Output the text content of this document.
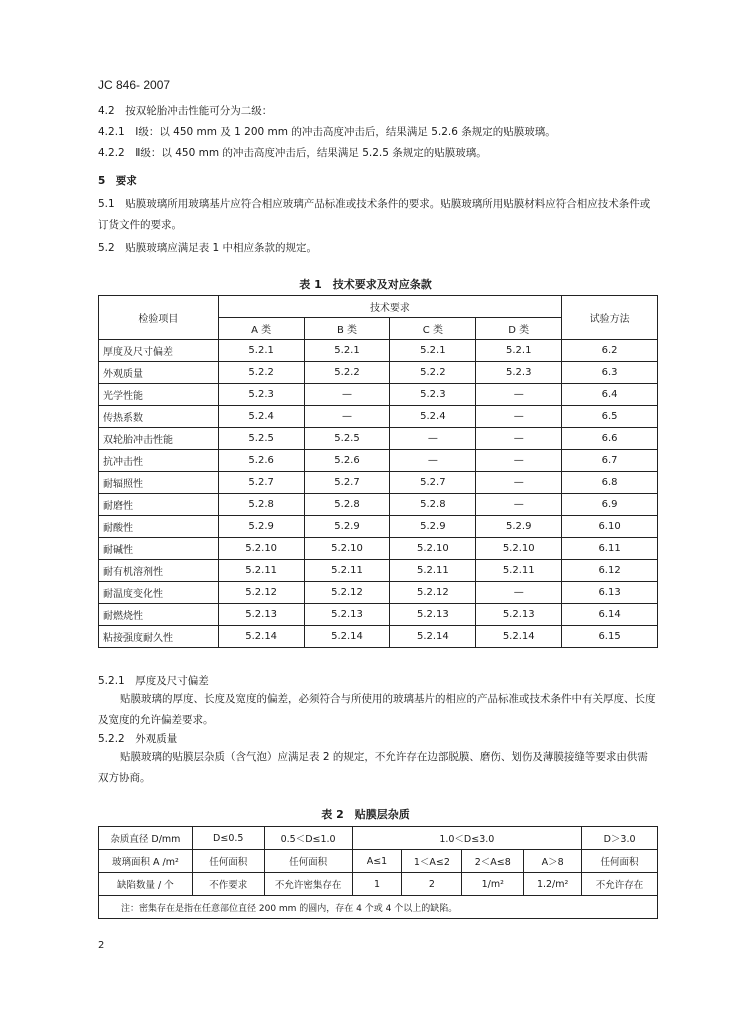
JC 846- 2007
4.2　按双轮胎冲击性能可分为二级：
4.2.1　Ⅰ级：以 450 mm 及 1 200 mm 的冲击高度冲击后，结果满足 5.2.6 条规定的贴膜玻璃。
4.2.2　Ⅱ级：以 450 mm 的冲击高度冲击后，结果满足 5.2.5 条规定的贴膜玻璃。
5　要求
5.1　贴膜玻璃所用玻璃基片应符合相应玻璃产品标准或技术条件的要求。贴膜玻璃所用贴膜材料应符合相应技术条件或订货文件的要求。
5.2　贴膜玻璃应满足表 1 中相应条款的规定。
表 1　技术要求及对应条款
检验项目	技术要求				试验方法
	A 类	B 类	C 类	D 类	
厚度及尺寸偏差	5.2.1	5.2.1	5.2.1	5.2.1	6.2
外观质量	5.2.2	5.2.2	5.2.2	5.2.3	6.3
光学性能	5.2.3	—	5.2.3	—	6.4
传热系数	5.2.4	—	5.2.4	—	6.5
双轮胎冲击性能	5.2.5	5.2.5	—	—	6.6
抗冲击性	5.2.6	5.2.6	—	—	6.7
耐辐照性	5.2.7	5.2.7	5.2.7	—	6.8
耐磨性	5.2.8	5.2.8	5.2.8	—	6.9
耐酸性	5.2.9	5.2.9	5.2.9	5.2.9	6.10
耐碱性	5.2.10	5.2.10	5.2.10	5.2.10	6.11
耐有机溶剂性	5.2.11	5.2.11	5.2.11	5.2.11	6.12
耐温度变化性	5.2.12	5.2.12	5.2.12	—	6.13
耐燃烧性	5.2.13	5.2.13	5.2.13	5.2.13	6.14
粘接强度耐久性	5.2.14	5.2.14	5.2.14	5.2.14	6.15
5.2.1　厚度及尺寸偏差
贴膜玻璃的厚度、长度及宽度的偏差，必须符合与所使用的玻璃基片的相应的产品标准或技术条件中有关厚度、长度及宽度的允许偏差要求。
5.2.2　外观质量
贴膜玻璃的贴膜层杂质（含气泡）应满足表 2 的规定，不允许存在边部脱膜、磨伤、划伤及薄膜接缝等要求由供需双方协商。
表 2　贴膜层杂质
杂质直径 D/mm	D≤0.5	0.5＜D≤1.0	1.0＜D≤3.0				D＞3.0
玻璃面积 A /m²	任何面积	任何面积	A≤1	1＜A≤2	2＜A≤8	A＞8	任何面积
缺陷数量 / 个	不作要求	不允许密集存在	1	2	1/m²	1.2/m²	不允许存在
注：密集存在是指在任意部位直径 200 mm 的圆内，存在 4 个或 4 个以上的缺陷。							
2
